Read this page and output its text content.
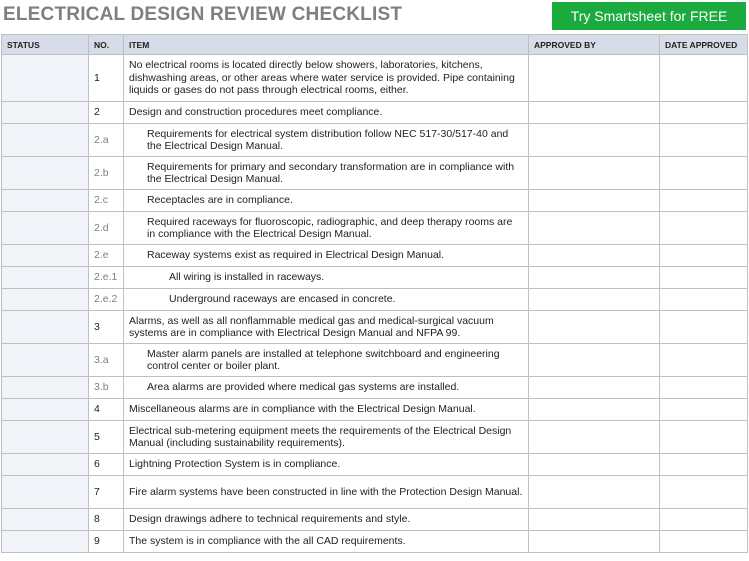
ELECTRICAL DESIGN REVIEW CHECKLIST	Try Smartsheet for FREE
STATUS	NO.	ITEM	APPROVED BY	DATE APPROVED
	1	No electrical rooms is located directly below showers, laboratories, kitchens, dishwashing areas, or other areas where water service is provided. Pipe containing liquids or gases do not pass through electrical rooms, either.		
	2	Design and construction procedures meet compliance.		
	2.a	Requirements for electrical system distribution follow NEC 517-30/517-40 and the Electrical Design Manual.		
	2.b	Requirements for primary and secondary transformation are in compliance with the Electrical Design Manual.		
	2.c	Receptacles are in compliance.		
	2.d	Required raceways for fluoroscopic, radiographic, and deep therapy rooms are in compliance with the Electrical Design Manual.		
	2.e	Raceway systems exist as required in Electrical Design Manual.		
	2.e.1	All wiring is installed in raceways.		
	2.e.2	Underground raceways are encased in concrete.		
	3	Alarms, as well as all nonflammable medical gas and medical-surgical vacuum systems are in compliance with Electrical Design Manual and NFPA 99.		
	3.a	Master alarm panels are installed at telephone switchboard and engineering control center or boiler plant.		
	3.b	Area alarms are provided where medical gas systems are installed.		
	4	Miscellaneous alarms are in compliance with the Electrical Design Manual.		
	5	Electrical sub-metering equipment meets the requirements of the Electrical Design Manual (including sustainability requirements).		
	6	Lightning Protection System is in compliance.		
	7	Fire alarm systems have been constructed in line with the Protection Design Manual.		
	8	Design drawings adhere to technical requirements and style.		
	9	The system is in compliance with the all CAD requirements.		
